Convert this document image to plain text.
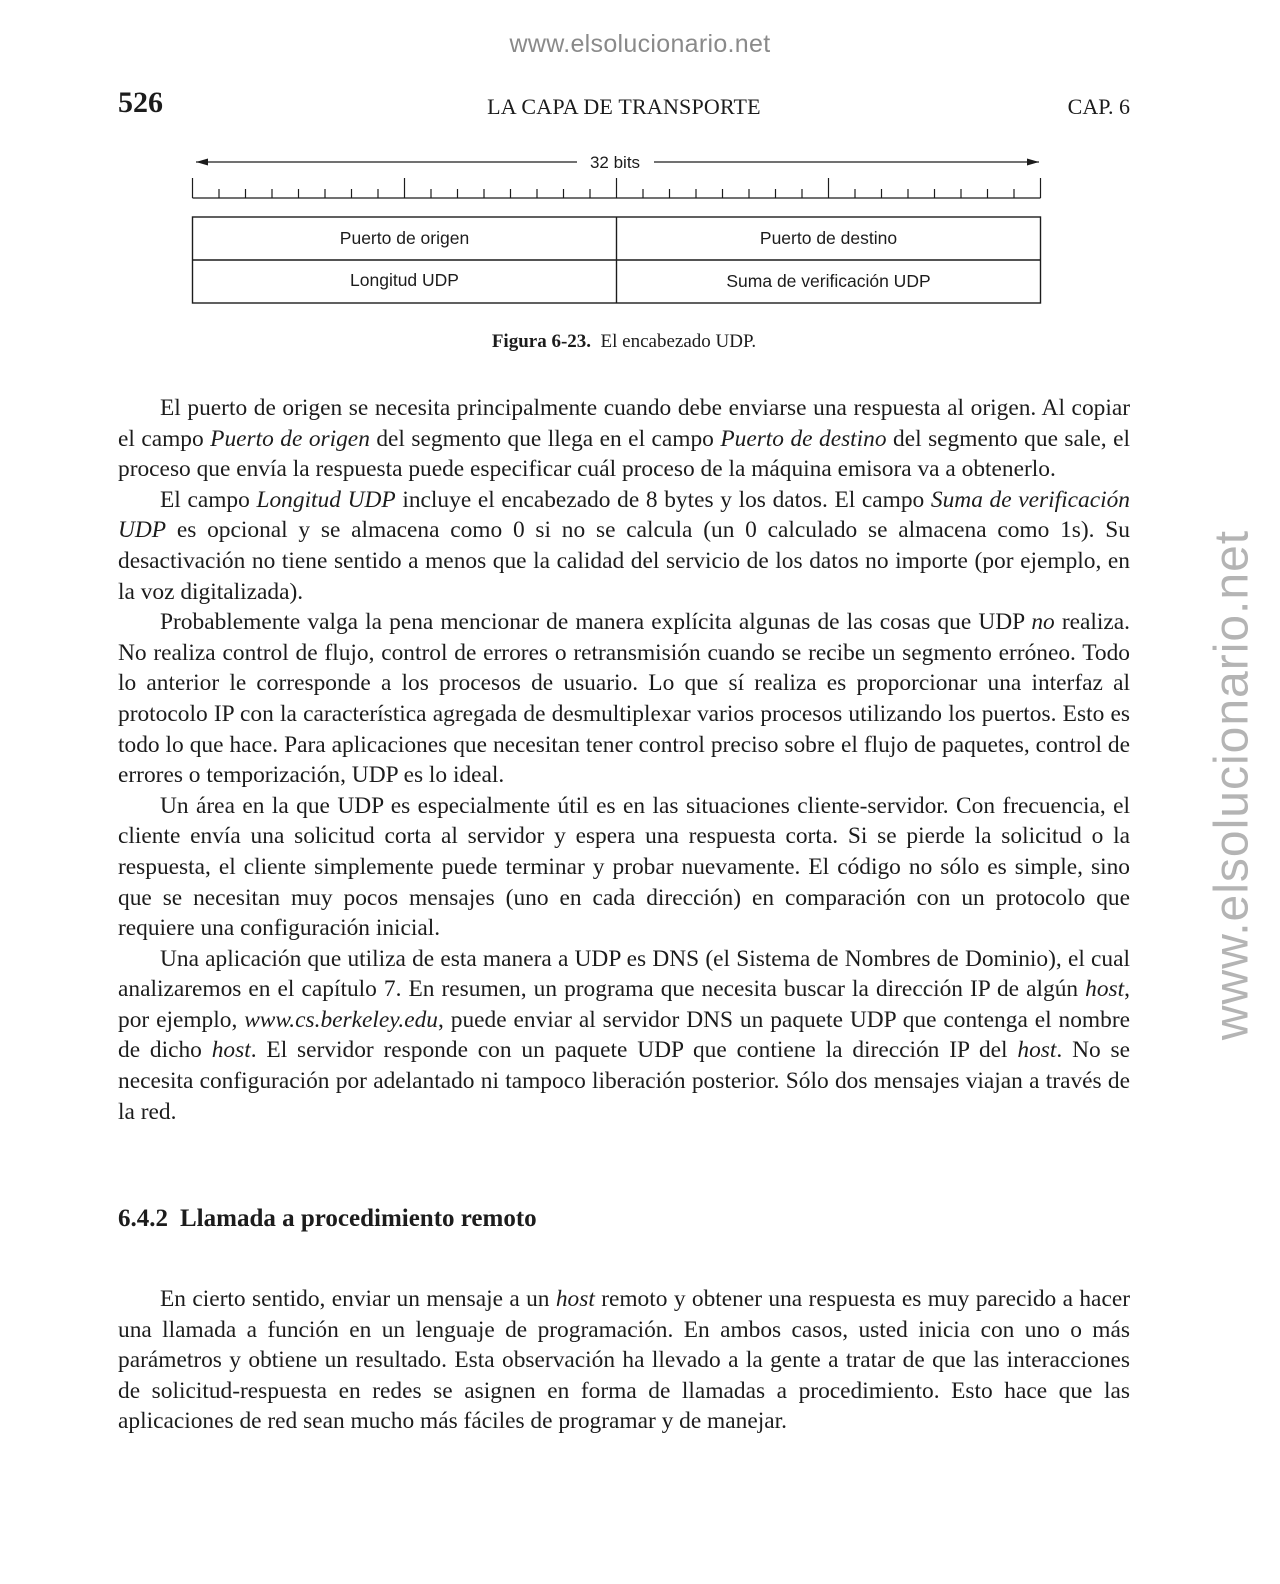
www.elsolucionario.net
www.elsolucionario.net
526	LA CAPA DE TRANSPORTE	CAP. 6
32 bits
Puerto de origen	Puerto de destino
Longitud UDP	Suma de verificación UDP
Figura 6-23. El encabezado UDP.

El puerto de origen se necesita principalmente cuando debe enviarse una respuesta al origen. Al copiar el campo Puerto de origen del segmento que llega en el campo Puerto de destino del segmento que sale, el proceso que envía la respuesta puede especificar cuál proceso de la máquina emisora va a obtenerlo.

El campo Longitud UDP incluye el encabezado de 8 bytes y los datos. El campo Suma de verificación UDP es opcional y se almacena como 0 si no se calcula (un 0 calculado se almacena como 1s). Su desactivación no tiene sentido a menos que la calidad del servicio de los datos no importe (por ejemplo, en la voz digitalizada).

Probablemente valga la pena mencionar de manera explícita algunas de las cosas que UDP no realiza. No realiza control de flujo, control de errores o retransmisión cuando se recibe un segmento erróneo. Todo lo anterior le corresponde a los procesos de usuario. Lo que sí realiza es proporcionar una interfaz al protocolo IP con la característica agregada de desmultiplexar varios procesos utilizando los puertos. Esto es todo lo que hace. Para aplicaciones que necesitan tener control preciso sobre el flujo de paquetes, control de errores o temporización, UDP es lo ideal.

Un área en la que UDP es especialmente útil es en las situaciones cliente-servidor. Con frecuencia, el cliente envía una solicitud corta al servidor y espera una respuesta corta. Si se pierde la solicitud o la respuesta, el cliente simplemente puede terminar y probar nuevamente. El código no sólo es simple, sino que se necesitan muy pocos mensajes (uno en cada dirección) en comparación con un protocolo que requiere una configuración inicial.

Una aplicación que utiliza de esta manera a UDP es DNS (el Sistema de Nombres de Dominio), el cual analizaremos en el capítulo 7. En resumen, un programa que necesita buscar la dirección IP de algún host, por ejemplo, www.cs.berkeley.edu, puede enviar al servidor DNS un paquete UDP que contenga el nombre de dicho host. El servidor responde con un paquete UDP que contiene la dirección IP del host. No se necesita configuración por adelantado ni tampoco liberación posterior. Sólo dos mensajes viajan a través de la red.

6.4.2 Llamada a procedimiento remoto

En cierto sentido, enviar un mensaje a un host remoto y obtener una respuesta es muy parecido a hacer una llamada a función en un lenguaje de programación. En ambos casos, usted inicia con uno o más parámetros y obtiene un resultado. Esta observación ha llevado a la gente a tratar de que las interacciones de solicitud-respuesta en redes se asignen en forma de llamadas a procedimiento. Esto hace que las aplicaciones de red sean mucho más fáciles de programar y de manejar.
